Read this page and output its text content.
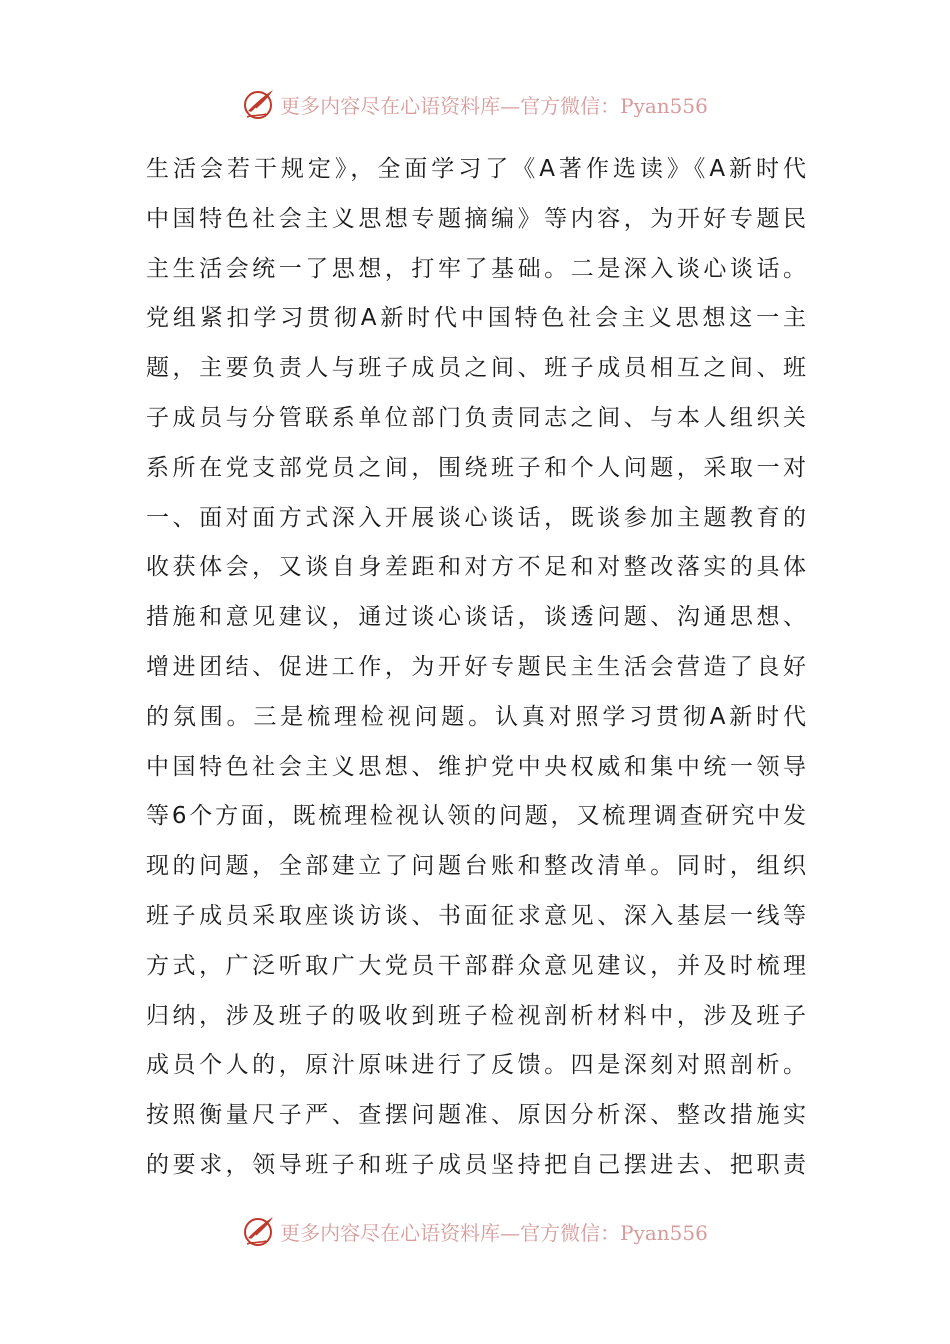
更多内容尽在心语资料库—官方微信：Pyan556
生活会若干规定》，全面学习了《A著作选读》《A新时代
中国特色社会主义思想专题摘编》等内容，为开好专题民
主生活会统一了思想，打牢了基础。二是深入谈心谈话。
党组紧扣学习贯彻A新时代中国特色社会主义思想这一主
题，主要负责人与班子成员之间、班子成员相互之间、班
子成员与分管联系单位部门负责同志之间、与本人组织关
系所在党支部党员之间，围绕班子和个人问题，采取一对
一、面对面方式深入开展谈心谈话，既谈参加主题教育的
收获体会，又谈自身差距和对方不足和对整改落实的具体
措施和意见建议，通过谈心谈话，谈透问题、沟通思想、
增进团结、促进工作，为开好专题民主生活会营造了良好
的氛围。三是梳理检视问题。认真对照学习贯彻A新时代
中国特色社会主义思想、维护党中央权威和集中统一领导
等6个方面，既梳理检视认领的问题，又梳理调查研究中发
现的问题，全部建立了问题台账和整改清单。同时，组织
班子成员采取座谈访谈、书面征求意见、深入基层一线等
方式，广泛听取广大党员干部群众意见建议，并及时梳理
归纳，涉及班子的吸收到班子检视剖析材料中，涉及班子
成员个人的，原汁原味进行了反馈。四是深刻对照剖析。
按照衡量尺子严、查摆问题准、原因分析深、整改措施实
的要求，领导班子和班子成员坚持把自己摆进去、把职责
更多内容尽在心语资料库—官方微信：Pyan556
